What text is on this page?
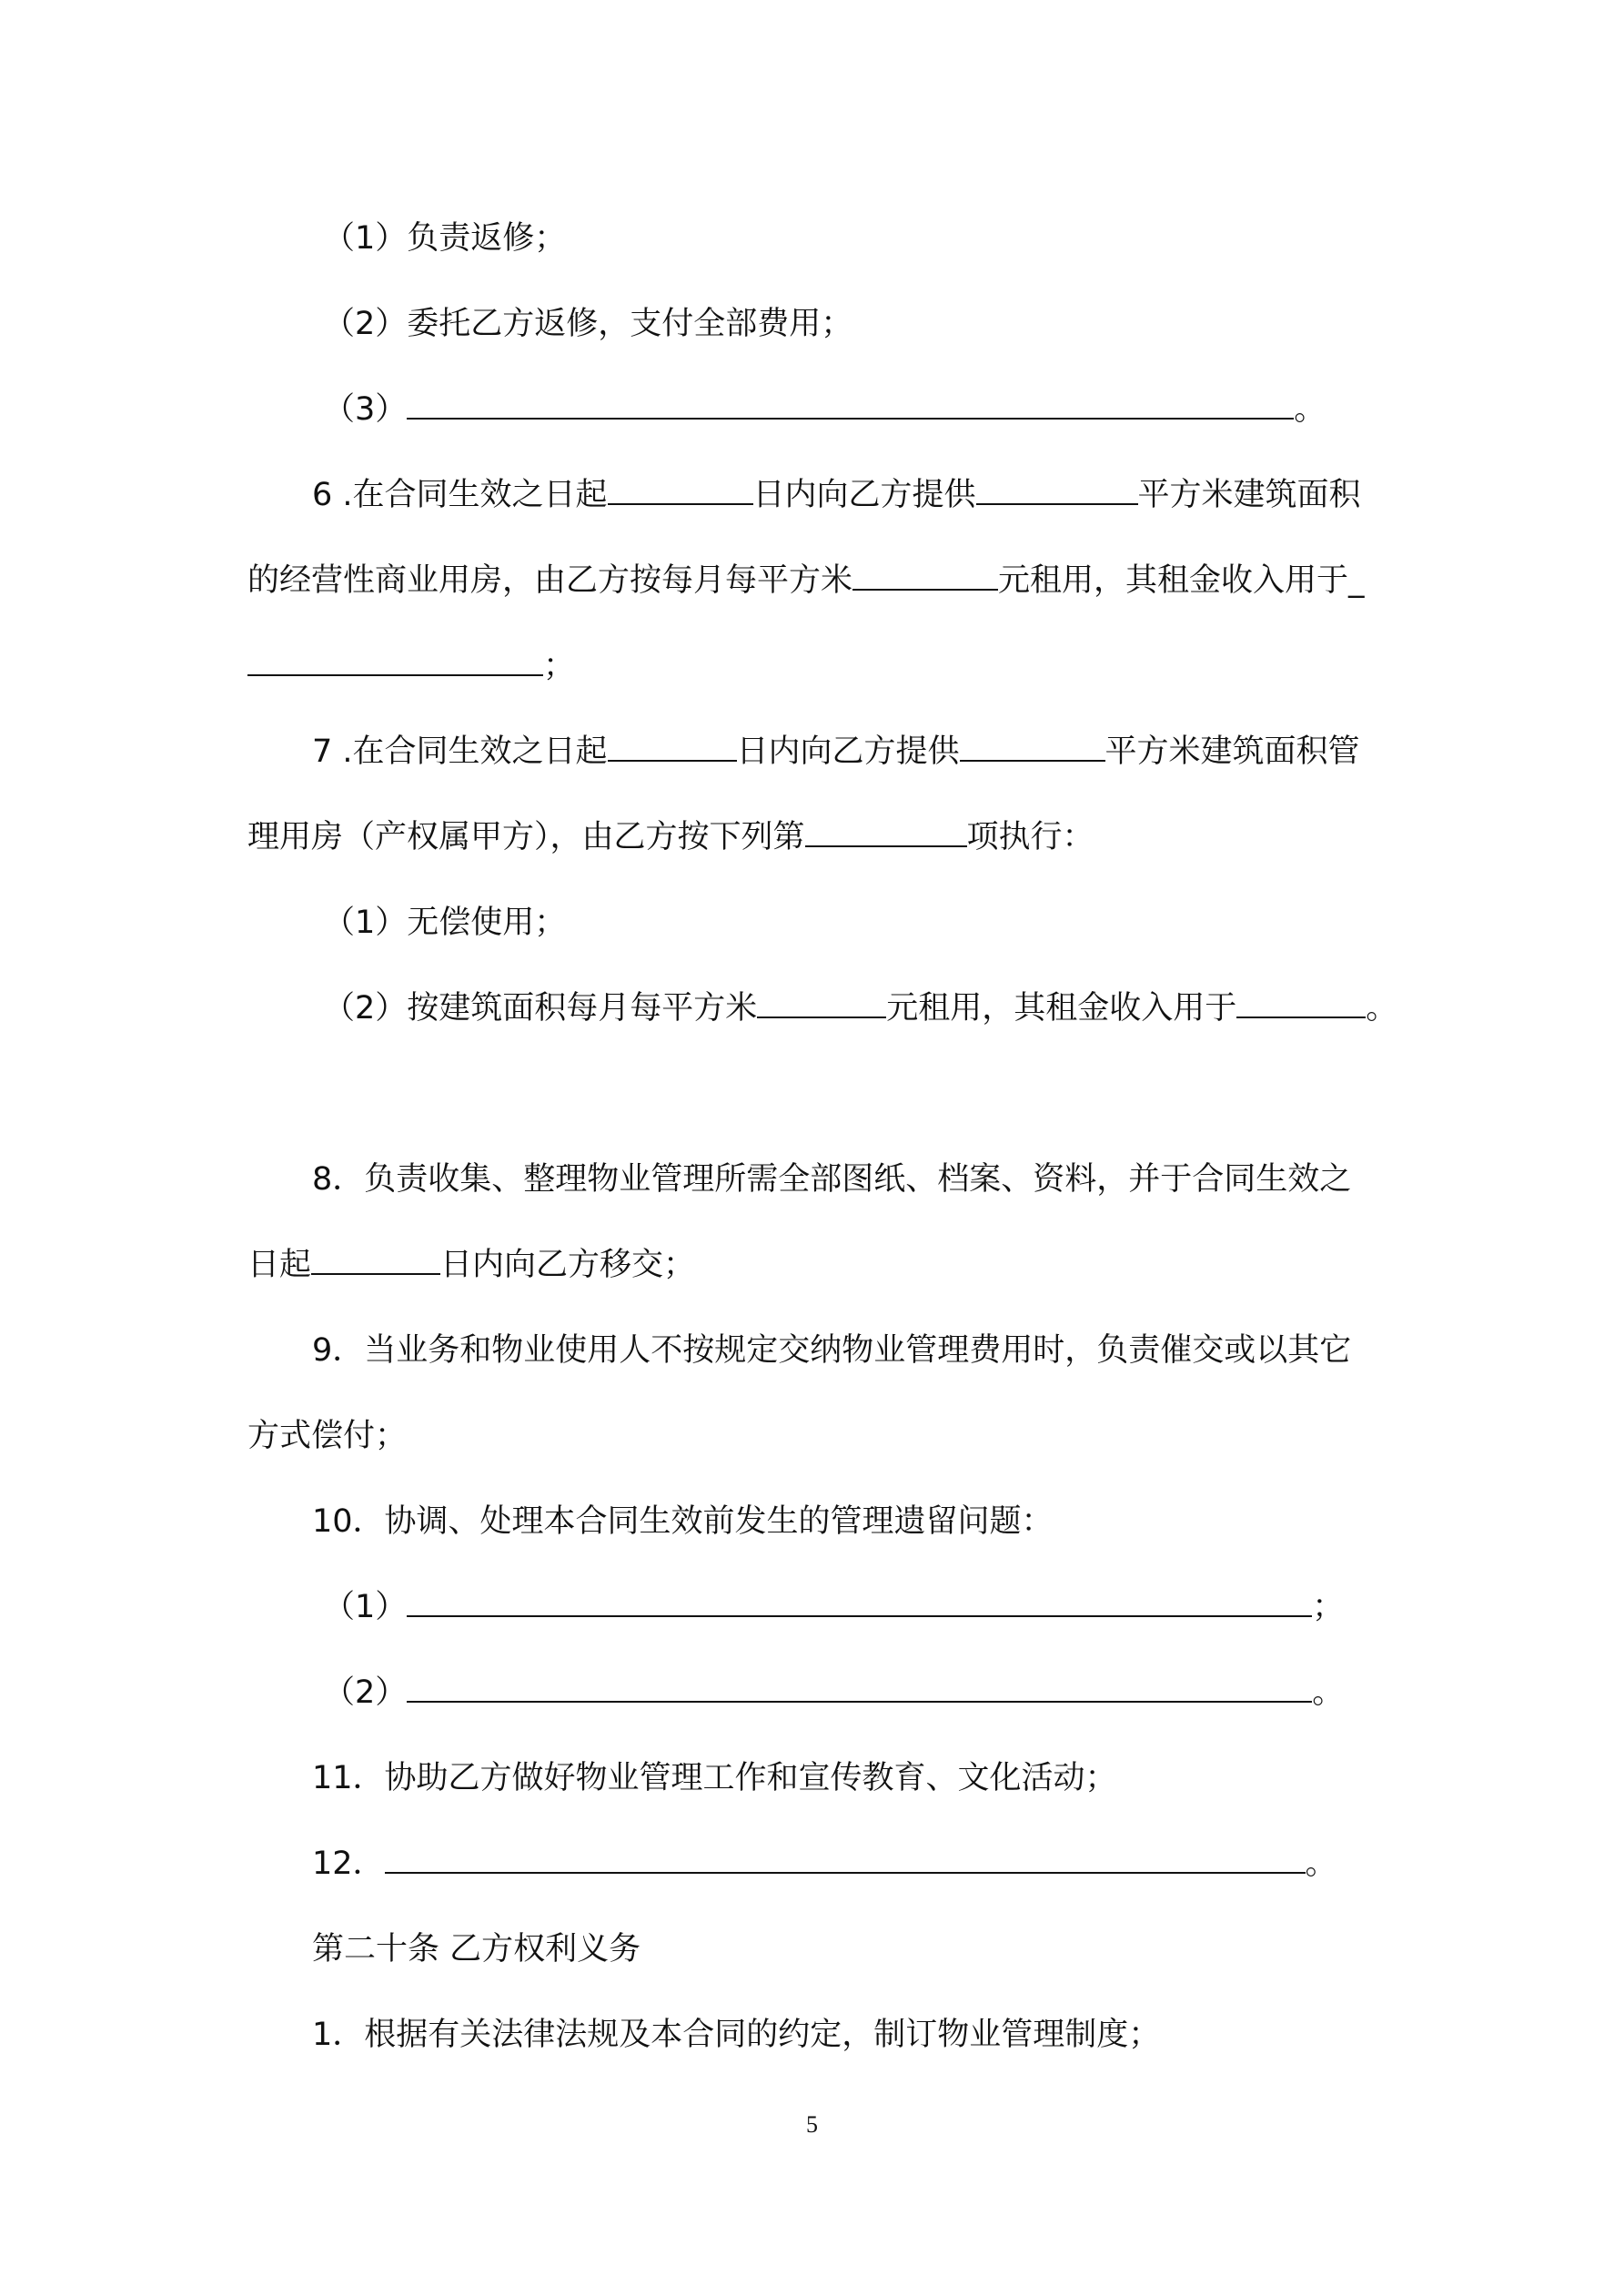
（1）负责返修；
（2）委托乙方返修，支付全部费用；
（3）	。
6 .在合同生效之日起	日内向乙方提供	平方米建筑面积
的经营性商业用房，由乙方按每月每平方米	元租用，其租金收入用于_
；
7 .在合同生效之日起	日内向乙方提供	平方米建筑面积管
理用房（产权属甲方），由乙方按下列第	项执行：
（1）无偿使用；
（2）按建筑面积每月每平方米	元租用，其租金收入用于	。
8．负责收集、整理物业管理所需全部图纸、档案、资料，并于合同生效之
日起	日内向乙方移交；
9．当业务和物业使用人不按规定交纳物业管理费用时，负责催交或以其它
方式偿付；
10．协调、处理本合同生效前发生的管理遗留问题：
（1）	；
（2）	。
11．协助乙方做好物业管理工作和宣传教育、文化活动；
12．	。
第二十条 乙方权利义务
1．根据有关法律法规及本合同的约定，制订物业管理制度；
5
